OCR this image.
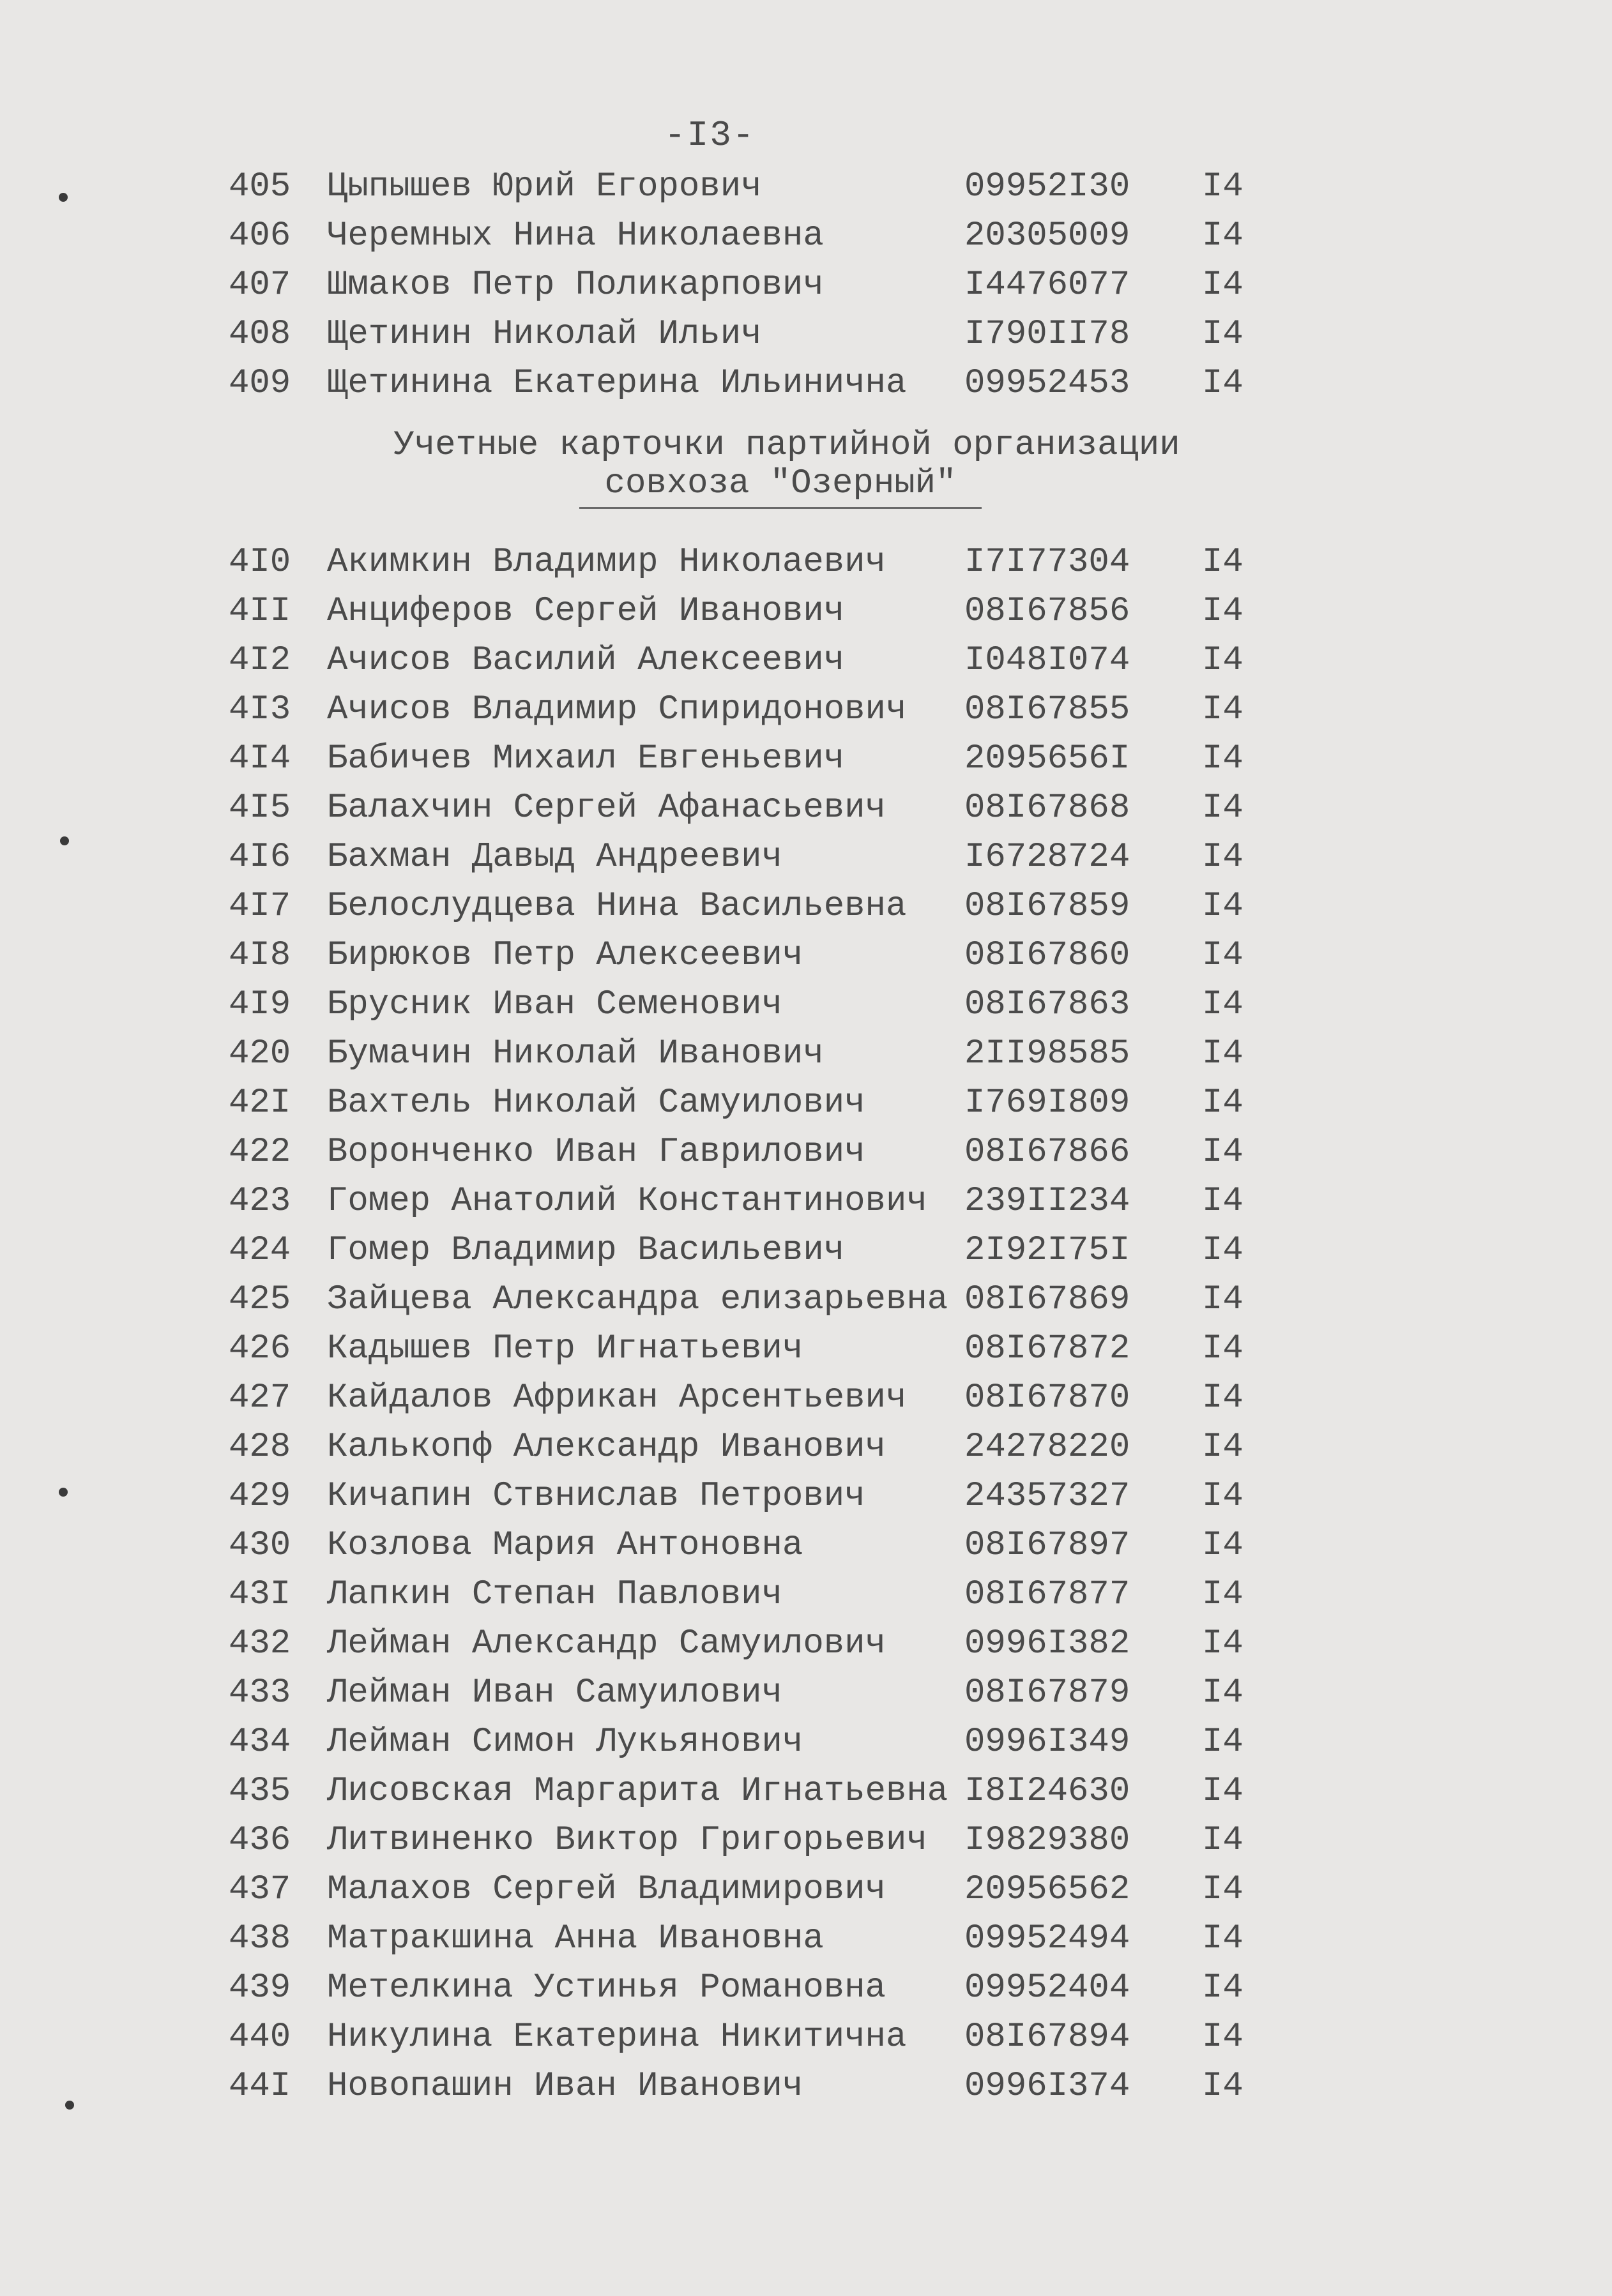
-I3-
405 Цыпышев Юрий Егорович	09952I30 I4
406 Черемных Нина Николаевна	20305009 I4
407 Шмаков Петр Поликарпович	I4476077 I4
408 Щетинин Николай Ильич	I790II78 I4
409 Щетинина Екатерина Ильинична 09952453 I4
Учетные карточки партийной организации
совхоза "Озерный"
4I0 Акимкин Владимир Николаевич I7I77304 I4
4II Анциферов Сергей Иванович	08I67856 I4
4I2 Ачисов Василий Алексеевич	I048I074 I4
4I3 Ачисов Владимир Спиридонович 08I67855 I4
4I4 Бабичев Михаил Евгеньевич	2095656I I4
4I5 Балахчин Сергей Афанасьевич 08I67868 I4
4I6 Бахман Давыд Андреевич	I6728724 I4
4I7 Белослудцева Нина Васильевна 08I67859 I4
4I8 Бирюков Петр Алексеевич	08I67860 I4
4I9 Брусник Иван Семенович	08I67863 I4
420 Бумачин Николай Иванович	2II98585 I4
42I Вахтель Николай Самуилович	I769I809 I4
422 Воронченко Иван Гаврилович	08I67866 I4
423 Гомер Анатолий Константинович 239II234 I4
424 Гомер Владимир Васильевич	2I92I75I I4
425 Зайцева Александра елизарьевна 08I67869 I4
426 Кадышев Петр Игнатьевич	08I67872 I4
427 Кайдалов Африкан Арсентьевич 08I67870 I4
428 Калькопф Александр Иванович 24278220 I4
429 Кичапин Ствнислав Петрович	24357327 I4
430 Козлова Мария Антоновна	08I67897 I4
43I Лапкин Степан Павлович	08I67877 I4
432 Лейман Александр Самуилович 0996I382 I4
433 Лейман Иван Самуилович	08I67879 I4
434 Лейман Симон Лукьянович	0996I349 I4
435 Лисовская Маргарита Игнатьевна I8I24630 I4
436 Литвиненко Виктор Григорьевич I9829380 I4
437 Малахов Сергей Владимирович 20956562 I4
438 Матракшина Анна Ивановна	09952494 I4
439 Метелкина Устинья Романовна 09952404 I4
440 Никулина Екатерина Никитична 08I67894 I4
44I Новопашин Иван Иванович	0996I374 I4
